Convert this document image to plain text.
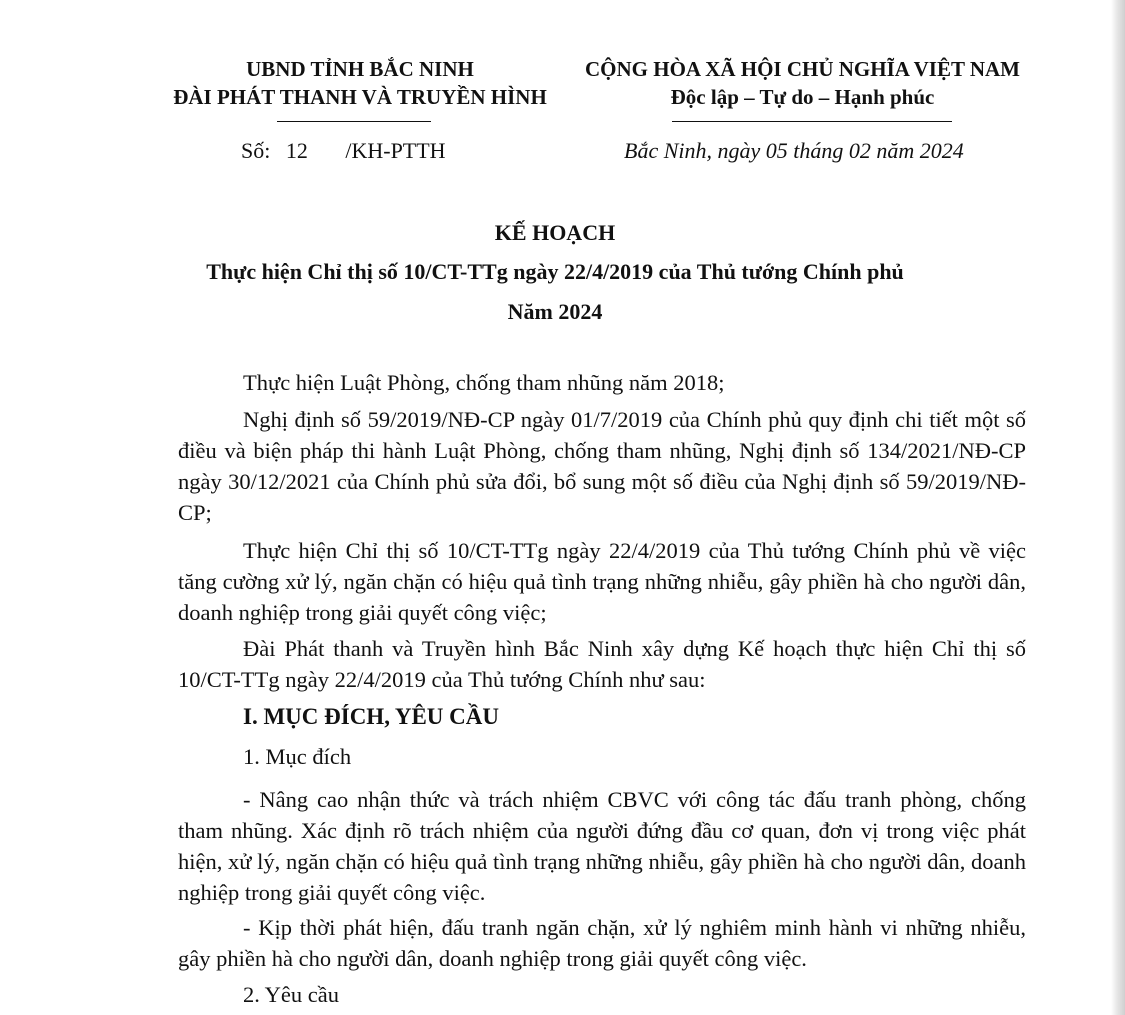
UBND TỈNH BẮC NINH
ĐÀI PHÁT THANH VÀ TRUYỀN HÌNH
CỘNG HÒA XÃ HỘI CHỦ NGHĨA VIỆT NAM
Độc lập – Tự do – Hạnh phúc
Số: 12 /KH-PTTH	Bắc Ninh, ngày 05 tháng 02 năm 2024
KẾ HOẠCH
Thực hiện Chỉ thị số 10/CT-TTg ngày 22/4/2019 của Thủ tướng Chính phủ
Năm 2024

Thực hiện Luật Phòng, chống tham nhũng năm 2018;

Nghị định số 59/2019/NĐ-CP ngày 01/7/2019 của Chính phủ quy định chi tiết một số điều và biện pháp thi hành Luật Phòng, chống tham nhũng, Nghị định số 134/2021/NĐ-CP ngày 30/12/2021 của Chính phủ sửa đổi, bổ sung một số điều của Nghị định số 59/2019/NĐ-CP;

Thực hiện Chỉ thị số 10/CT-TTg ngày 22/4/2019 của Thủ tướng Chính phủ về việc tăng cường xử lý, ngăn chặn có hiệu quả tình trạng những nhiễu, gây phiền hà cho người dân, doanh nghiệp trong giải quyết công việc;

Đài Phát thanh và Truyền hình Bắc Ninh xây dựng Kế hoạch thực hiện Chỉ thị số 10/CT-TTg ngày 22/4/2019 của Thủ tướng Chính như sau:

I. MỤC ĐÍCH, YÊU CẦU
1. Mục đích

- Nâng cao nhận thức và trách nhiệm CBVC với công tác đấu tranh phòng, chống tham nhũng. Xác định rõ trách nhiệm của người đứng đầu cơ quan, đơn vị trong việc phát hiện, xử lý, ngăn chặn có hiệu quả tình trạng những nhiễu, gây phiền hà cho người dân, doanh nghiệp trong giải quyết công việc.

- Kịp thời phát hiện, đấu tranh ngăn chặn, xử lý nghiêm minh hành vi những nhiễu, gây phiền hà cho người dân, doanh nghiệp trong giải quyết công việc.

2. Yêu cầu
